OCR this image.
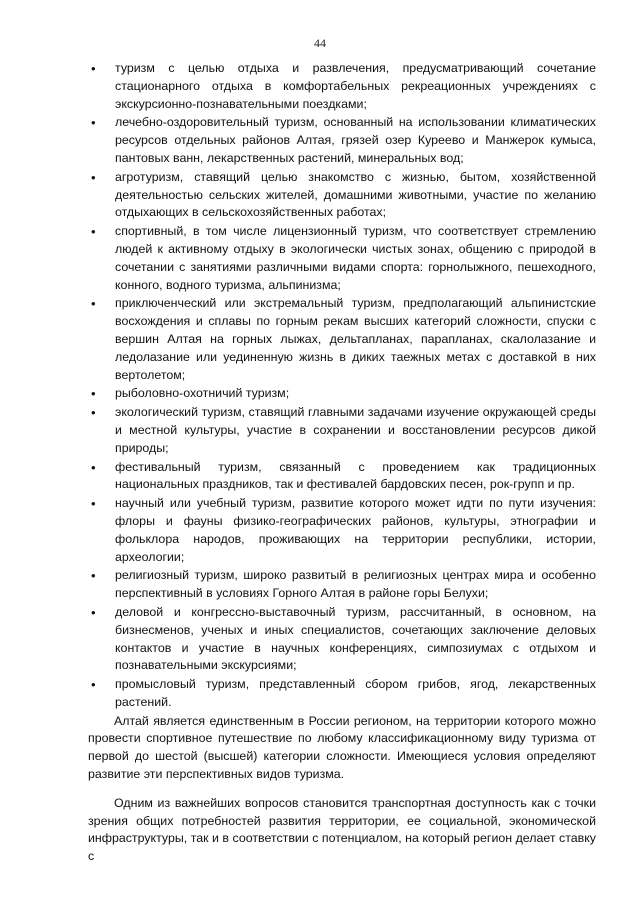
44
• туризм с целью отдыха и развлечения, предусматривающий сочетание стационарного отдыха в комфортабельных рекреационных учреждениях с экскурсионно-познавательными поездками;
• лечебно-оздоровительный туризм, основанный на использовании климатических ресурсов отдельных районов Алтая, грязей озер Куреево и Манжерок кумыса, пантовых ванн, лекарственных растений, минеральных вод;
• агротуризм, ставящий целью знакомство с жизнью, бытом, хозяйственной деятельностью сельских жителей, домашними животными, участие по желанию отдыхающих в сельскохозяйственных работах;
• спортивный, в том числе лицензионный туризм, что соответствует стремлению людей к активному отдыху в экологически чистых зонах, общению с природой в сочетании с занятиями различными видами спорта: горнолыжного, пешеходного, конного, водного туризма, альпинизма;
• приключенческий или экстремальный туризм, предполагающий альпинистские восхождения и сплавы по горным рекам высших категорий сложности, спуски с вершин Алтая на горных лыжах, дельтапланах, парапланах, скалолазание и ледолазание или уединенную жизнь в диких таежных метах с доставкой в них вертолетом;
• рыболовно-охотничий туризм;
• экологический туризм, ставящий главными задачами изучение окружающей среды и местной культуры, участие в сохранении и восстановлении ресурсов дикой природы;
• фестивальный туризм, связанный с проведением как традиционных национальных праздников, так и фестивалей бардовских песен, рок-групп и пр.
• научный или учебный туризм, развитие которого может идти по пути изучения: флоры и фауны физико-географических районов, культуры, этнографии и фольклора народов, проживающих на территории республики, истории, археологии;
• религиозный туризм, широко развитый в религиозных центрах мира и особенно перспективный в условиях Горного Алтая в районе горы Белухи;
• деловой и конгрессно-выставочный туризм, рассчитанный, в основном, на бизнесменов, ученых и иных специалистов, сочетающих заключение деловых контактов и участие в научных конференциях, симпозиумах с отдыхом и познавательными экскурсиями;
• промысловый туризм, представленный сбором грибов, ягод, лекарственных растений.

Алтай является единственным в России регионом, на территории которого можно провести спортивное путешествие по любому классификационному виду туризма от первой до шестой (высшей) категории сложности. Имеющиеся условия определяют развитие эти перспективных видов туризма.

Одним из важнейших вопросов становится транспортная доступность как с точки зрения общих потребностей развития территории, ее социальной, экономической инфраструктуры, так и в соответствии с потенциалом, на который регион делает ставку с
